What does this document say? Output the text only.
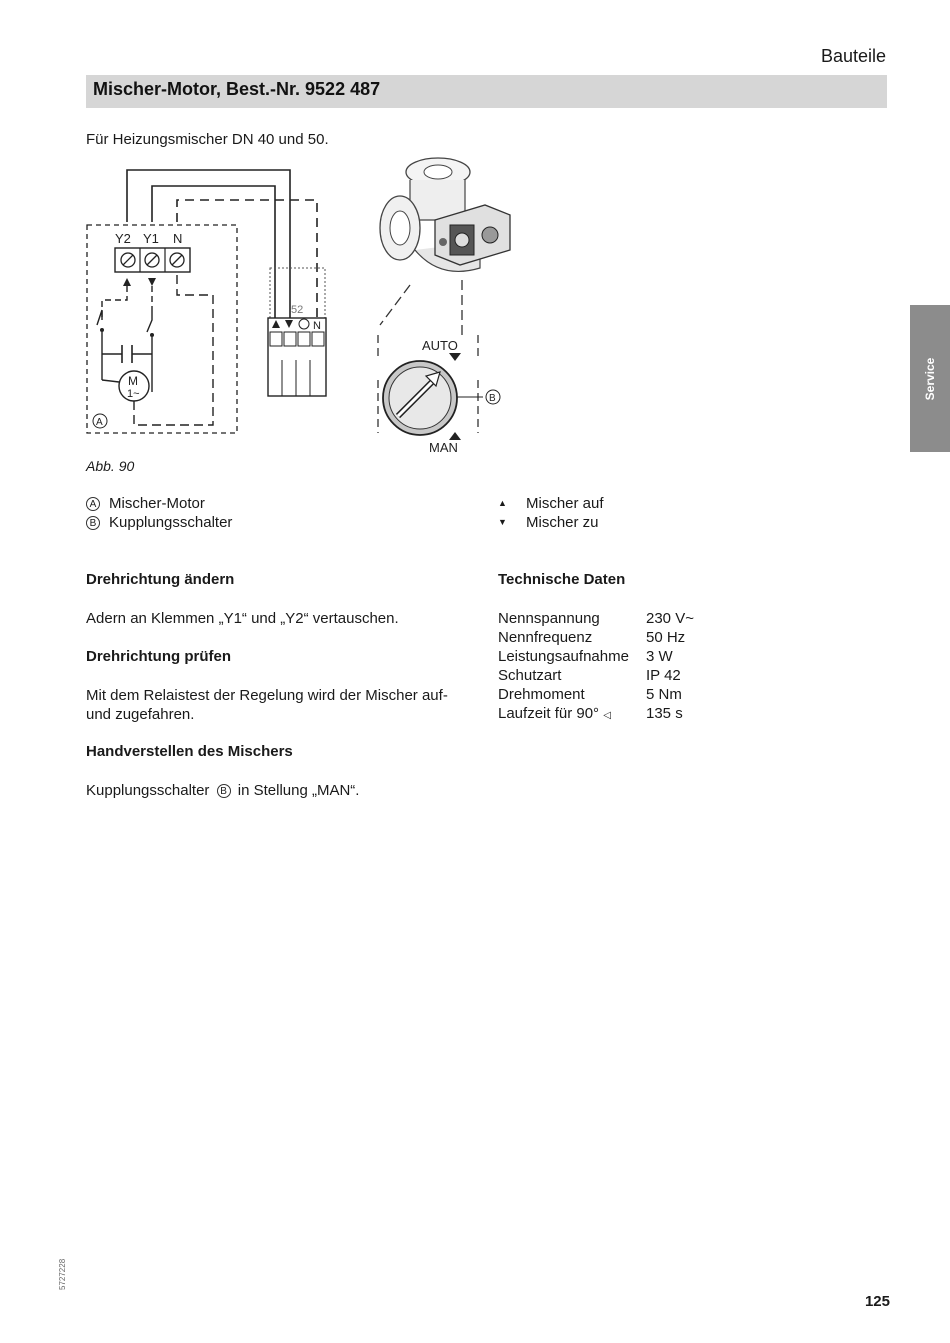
Bauteile
Mischer-Motor, Best.-Nr. 9522 487
Service
Für Heizungsmischer DN 40 und 50.
Y2 Y1 N
M
1~
A
52
N
AUTO
B
MAN
Abb. 90
A Mischer-Motor
B Kupplungsschalter
▲	Mischer auf
▼	Mischer zu
Drehrichtung ändern
Adern an Klemmen „Y1“ und „Y2“ vertauschen.
Drehrichtung prüfen
Mit dem Relaistest der Regelung wird der Mischer auf-
und zugefahren.
Handverstellen des Mischers
Kupplungsschalter B in Stellung „MAN“.
Technische Daten
Nennspannung	230 V~
Nennfrequenz	50 Hz
Leistungsaufnahme	3 W
Schutzart	IP 42
Drehmoment	5 Nm
Laufzeit für 90° ◁	135 s
5727228
125
